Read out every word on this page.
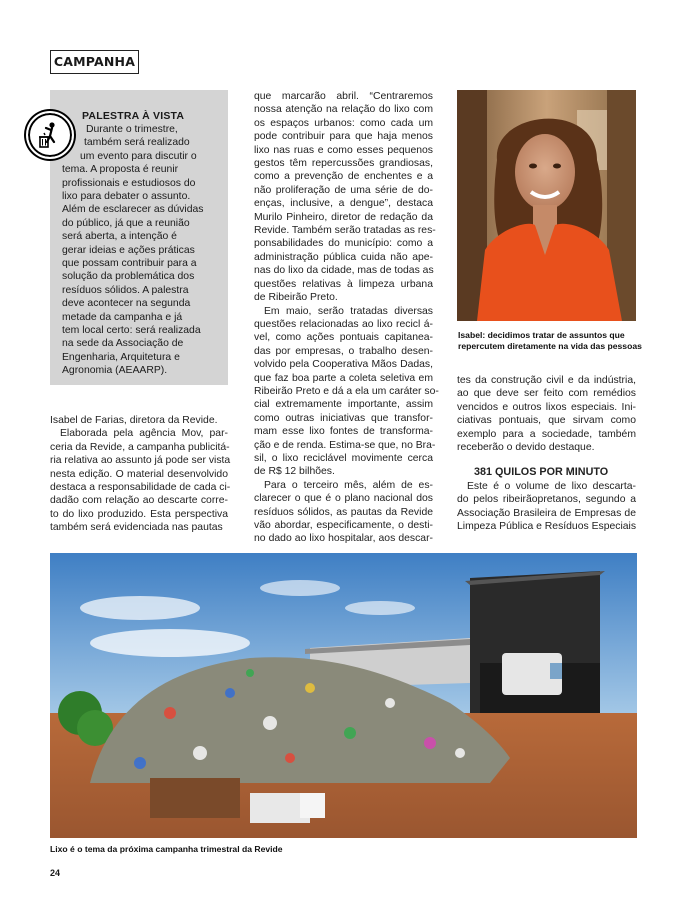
CAMPANHA
PALESTRA À VISTA
Durante o trimestre,
também será realizado
um evento para discutir o
tema. A proposta é reunir
profissionais e estudiosos do
lixo para debater o assunto.
Além de esclarecer as dúvidas
do público, já que a reunião
será aberta, a intenção é
gerar ideias e ações práticas
que possam contribuir para a
solução da problemática dos
resíduos sólidos. A palestra
deve acontecer na segunda
metade da campanha e já
tem local certo: será realizada
na sede da Associação de
Engenharia, Arquitetura e
Agronomia (AEAARP).
Isabel de Farias, diretora da Revide.
Elaborada pela agência Mov, par-
ceria da Revide, a campanha publicitá-
ria relativa ao assunto já pode ser vista
nesta edição. O material desenvolvido
destaca a responsabilidade de cada ci-
dadão com relação ao descarte corre-
to do lixo produzido. Esta perspectiva
também será evidenciada nas pautas
que marcarão abril. “Centraremos
nossa atenção na relação do lixo com
os espaços urbanos: como cada um
pode contribuir para que haja menos
lixo nas ruas e como esses pequenos
gestos têm repercussões grandiosas,
como a prevenção de enchentes e a
não proliferação de uma série de do-
enças, inclusive, a dengue”, destaca
Murilo Pinheiro, diretor de redação da
Revide. Também serão tratadas as res-
ponsabilidades do município: como a
administração pública cuida não ape-
nas do lixo da cidade, mas de todas as
questões relativas à limpeza urbana
de Ribeirão Preto.
Em maio, serão tratadas diversas
questões relacionadas ao lixo recicl á-
vel, como ações pontuais capitanea-
das por empresas, o trabalho desen-
volvido pela Cooperativa Mãos Dadas,
que faz boa parte a coleta seletiva em
Ribeirão Preto e dá a ela um caráter so-
cial extremamente importante, assim
como outras iniciativas que transfor-
mam esse lixo fontes de transforma-
ção e de renda. Estima-se que, no Bra-
sil, o lixo reciclável movimente cerca
de R$ 12 bilhões.
Para o terceiro mês, além de es-
clarecer o que é o plano nacional dos
resíduos sólidos, as pautas da Revide
vão abordar, especificamente, o desti-
no dado ao lixo hospitalar, aos descar-
Isabel: decidimos tratar de assuntos que
repercutem diretamente na vida das pessoas
tes da construção civil e da indústria,
ao que deve ser feito com remédios
vencidos e outros lixos especiais. Ini-
ciativas pontuais, que sirvam como
exemplo para a sociedade, também
receberão o devido destaque.
381 QUILOS POR MINUTO
Este é o volume de lixo descarta-
do pelos ribeirãopretanos, segundo a
Associação Brasileira de Empresas de
Limpeza Pública e Resíduos Especiais
Lixo é o tema da próxima campanha trimestral da Revide
24
